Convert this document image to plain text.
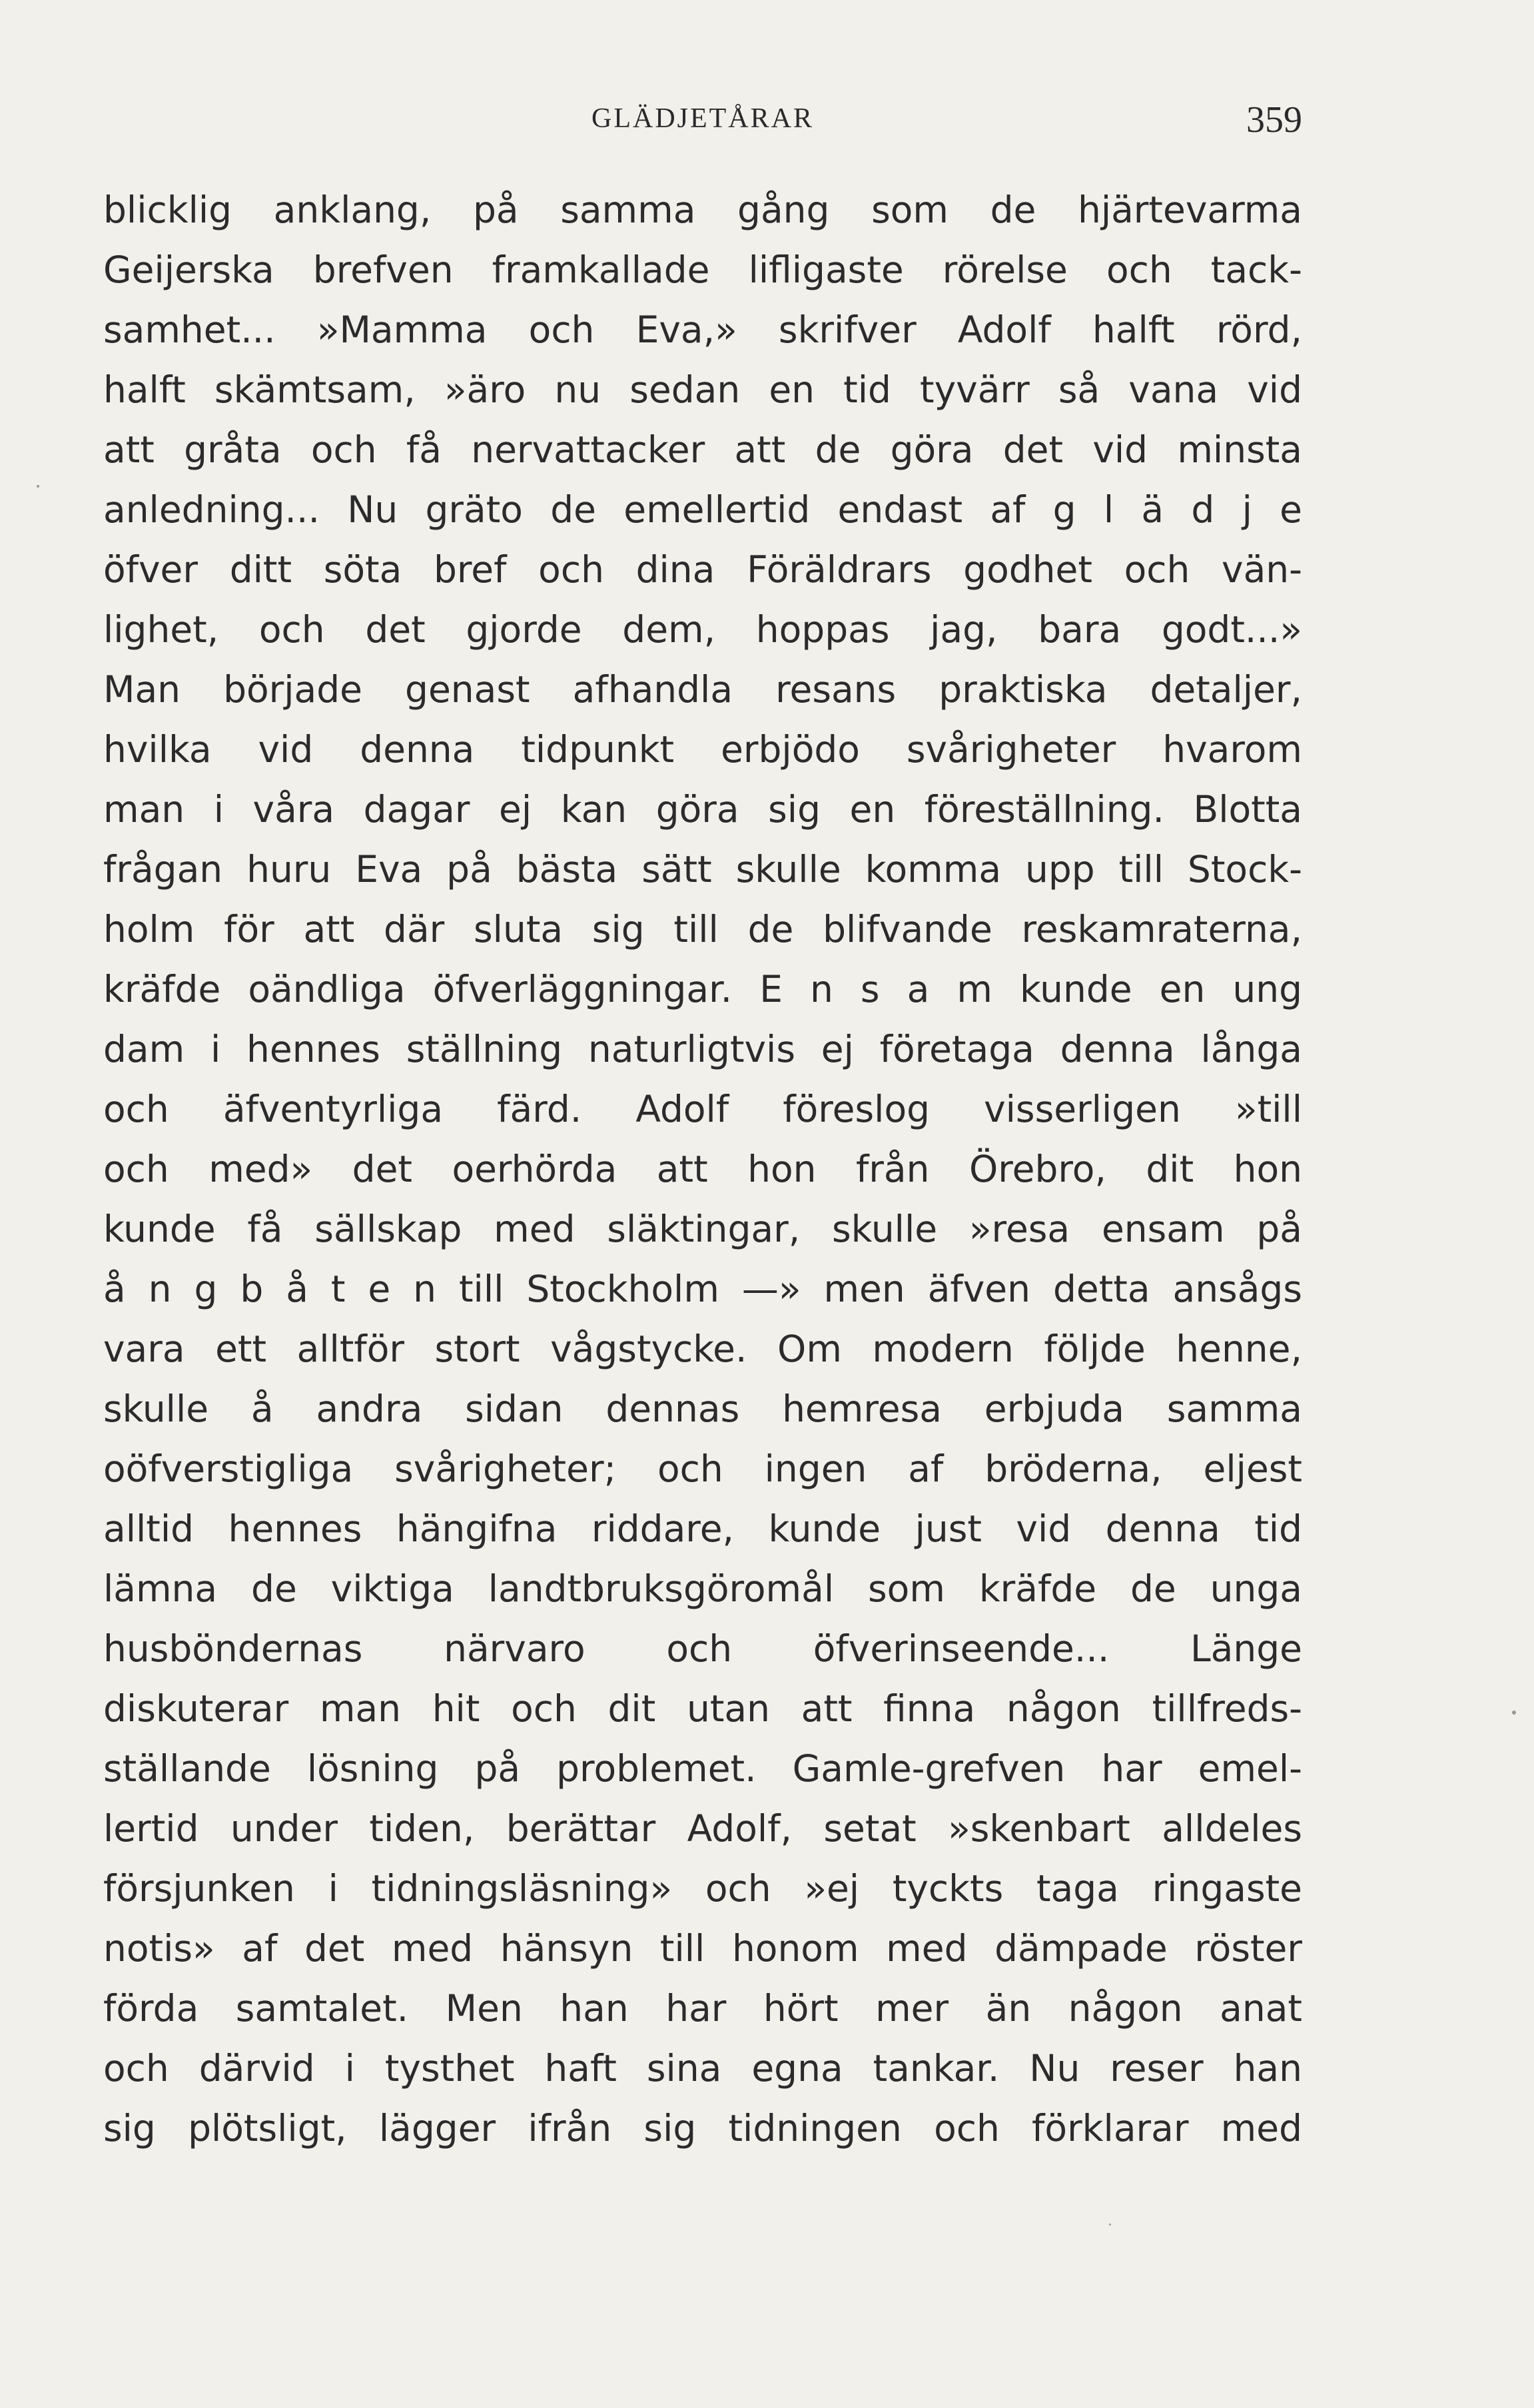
GLÄDJETÅRAR	359
blicklig anklang, på samma gång som de hjärtevarma
Geijerska brefven framkallade lifligaste rörelse och tack-
samhet... »Mamma och Eva,» skrifver Adolf halft rörd,
halft skämtsam, »äro nu sedan en tid tyvärr så vana vid
att gråta och få nervattacker att de göra det vid minsta
anledning... Nu gräto de emellertid endast af g l ä d j e
öfver ditt söta bref och dina Föräldrars godhet och vän-
lighet, och det gjorde dem, hoppas jag, bara godt...»
Man började genast afhandla resans praktiska detaljer,
hvilka vid denna tidpunkt erbjödo svårigheter hvarom
man i våra dagar ej kan göra sig en föreställning. Blotta
frågan huru Eva på bästa sätt skulle komma upp till Stock-
holm för att där sluta sig till de blifvande reskamraterna,
kräfde oändliga öfverläggningar. E n s a m kunde en ung
dam i hennes ställning naturligtvis ej företaga denna långa
och äfventyrliga färd. Adolf föreslog visserligen »till
och med» det oerhörda att hon från Örebro, dit hon
kunde få sällskap med släktingar, skulle »resa ensam på
å n g b å t e n till Stockholm —» men äfven detta ansågs
vara ett alltför stort vågstycke. Om modern följde henne,
skulle å andra sidan dennas hemresa erbjuda samma
oöfverstigliga svårigheter; och ingen af bröderna, eljest
alltid hennes hängifna riddare, kunde just vid denna tid
lämna de viktiga landtbruksgöromål som kräfde de unga
husböndernas närvaro och öfverinseende... Länge
diskuterar man hit och dit utan att finna någon tillfreds-
ställande lösning på problemet. Gamle-grefven har emel-
lertid under tiden, berättar Adolf, setat »skenbart alldeles
försjunken i tidningsläsning» och »ej tyckts taga ringaste
notis» af det med hänsyn till honom med dämpade röster
förda samtalet. Men han har hört mer än någon anat
och därvid i tysthet haft sina egna tankar. Nu reser han
sig plötsligt, lägger ifrån sig tidningen och förklarar med
